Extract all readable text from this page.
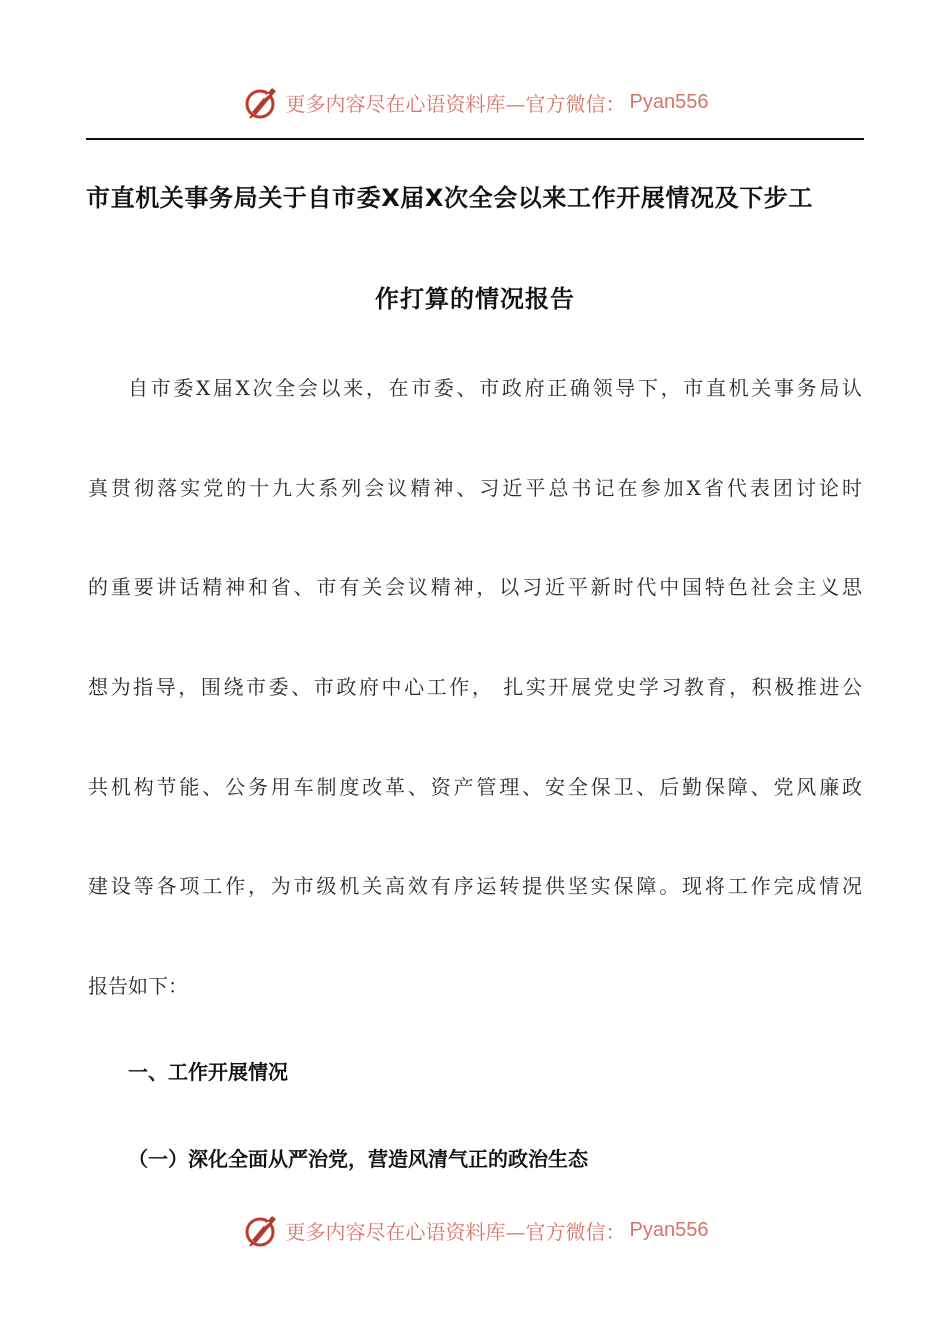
更多内容尽在心语资料库—官方微信： Pyan556
市直机关事务局关于自市委X届X次全会以来工作开展情况及下步工
作打算的情况报告
自市委X届X次全会以来，在市委、市政府正确领导下，市直机关事务局认
真贯彻落实党的十九大系列会议精神、习近平总书记在参加X省代表团讨论时
的重要讲话精神和省、市有关会议精神，以习近平新时代中国特色社会主义思
想为指导，围绕市委、市政府中心工作， 扎实开展党史学习教育，积极推进公
共机构节能、公务用车制度改革、资产管理、安全保卫、后勤保障、党风廉政
建设等各项工作，为市级机关高效有序运转提供坚实保障。现将工作完成情况
报告如下：
一、工作开展情况
（一）深化全面从严治党，营造风清气正的政治生态
更多内容尽在心语资料库—官方微信： Pyan556
